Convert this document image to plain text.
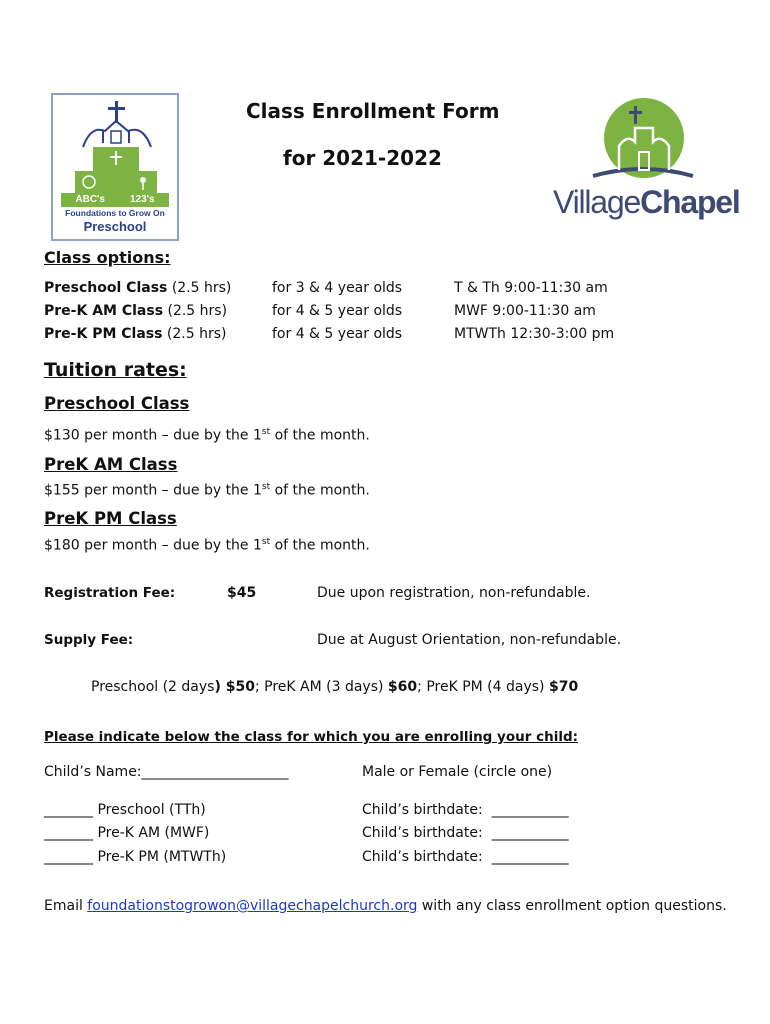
ABC's         123's
Foundations to Grow On
Preschool
Class Enrollment Form
for 2021-2022
VillageChapel
Class options:
Preschool Class (2.5 hrs)	for 3 & 4 year olds	T & Th 9:00-11:30 am
Pre-K AM Class (2.5 hrs)	for 4 & 5 year olds	MWF 9:00-11:30 am
Pre-K PM Class (2.5 hrs)	for 4 & 5 year olds	MTWTh 12:30-3:00 pm
Tuition rates:
Preschool Class
$130 per month – due by the 1st of the month.
PreK AM Class
$155 per month – due by the 1st of the month.
PreK PM Class
$180 per month – due by the 1st of the month.
Registration Fee:	$45	Due upon registration, non-refundable.
Supply Fee:	Due at August Orientation, non-refundable.
Preschool (2 days) $50; PreK AM (3 days) $60; PreK PM (4 days) $70
Please indicate below the class for which you are enrolling your child:
Child’s Name:_____________________	Male or Female (circle one)
_______ Preschool (TTh)	Child’s birthdate: ___________
_______ Pre-K AM (MWF)	Child’s birthdate: ___________
_______ Pre-K PM (MTWTh)	Child’s birthdate: ___________
Email foundationstogrowon@villagechapelchurch.org with any class enrollment option questions.
